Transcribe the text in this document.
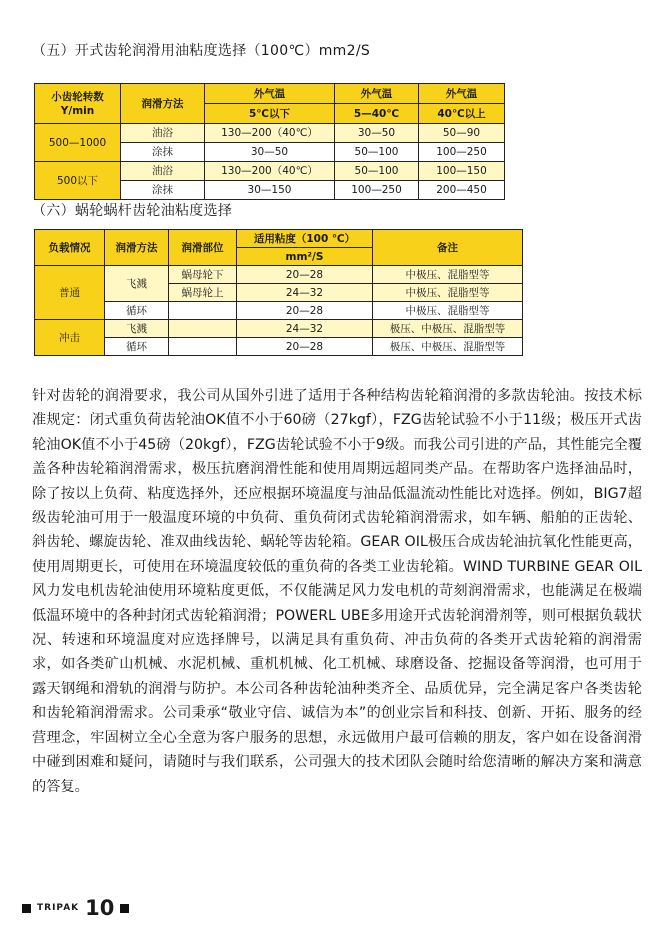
（五）开式齿轮润滑用油粘度选择（100℃）mm2/S
小齿轮转数
Y/min	润滑方法	外气温	外气温	外气温
		5℃以下	5—40℃	40℃以上
500—1000	油浴	130—200（40℃）	30—50	50—90
	涂抹	30—50	50—100	100—250
500以下	油浴	130—200（40℃）	50—100	100—150
	涂抹	30—150	100—250	200—450
（六）蜗轮蜗杆齿轮油粘度选择
负载情况	润滑方法	润滑部位	适用粘度（100 ℃）	备注
			mm²/S	
普通	飞溅	蜗母轮下	20—28	中极压、混脂型等
		蜗母轮上	24—32	中极压、混脂型等
	循环		20—28	中极压、混脂型等
冲击	飞溅		24—32	极压、中极压、混脂型等
	循环		20—28	极压、中极压、混脂型等

针对齿轮的润滑要求，我公司从国外引进了适用于各种结构齿轮箱润滑的多款齿轮油。按技术标准规定：闭式重负荷齿轮油OK值不小于60磅（27kgf），FZG齿轮试验不小于11级；极压开式齿轮油OK值不小于45磅（20kgf），FZG齿轮试验不小于9级。而我公司引进的产品，其性能完全覆盖各种齿轮箱润滑需求，极压抗磨润滑性能和使用周期远超同类产品。在帮助客户选择油品时，除了按以上负荷、粘度选择外，还应根据环境温度与油品低温流动性能比对选择。例如，BIG7超级齿轮油可用于一般温度环境的中负荷、重负荷闭式齿轮箱润滑需求，如车辆、船舶的正齿轮、斜齿轮、螺旋齿轮、准双曲线齿轮、蜗轮等齿轮箱。GEAR OIL极压合成齿轮油抗氧化性能更高，使用周期更长，可使用在环境温度较低的重负荷的各类工业齿轮箱。WIND TURBINE GEAR OIL风力发电机齿轮油使用环境粘度更低，不仅能满足风力发电机的苛刻润滑需求，也能满足在极端低温环境中的各种封闭式齿轮箱润滑；POWERL UBE多用途开式齿轮润滑剂等，则可根据负载状况、转速和环境温度对应选择牌号，以满足具有重负荷、冲击负荷的各类开式齿轮箱的润滑需求，如各类矿山机械、水泥机械、重机机械、化工机械、球磨设备、挖掘设备等润滑，也可用于露天钢绳和滑轨的润滑与防护。本公司各种齿轮油种类齐全、品质优异，完全满足客户各类齿轮和齿轮箱润滑需求。公司秉承“敬业守信、诚信为本”的创业宗旨和科技、创新、开拓、服务的经营理念，牢固树立全心全意为客户服务的思想，永远做用户最可信赖的朋友，客户如在设备润滑中碰到困难和疑问，请随时与我们联系，公司强大的技术团队会随时给您清晰的解决方案和满意的答复。

TRIPAK 10
